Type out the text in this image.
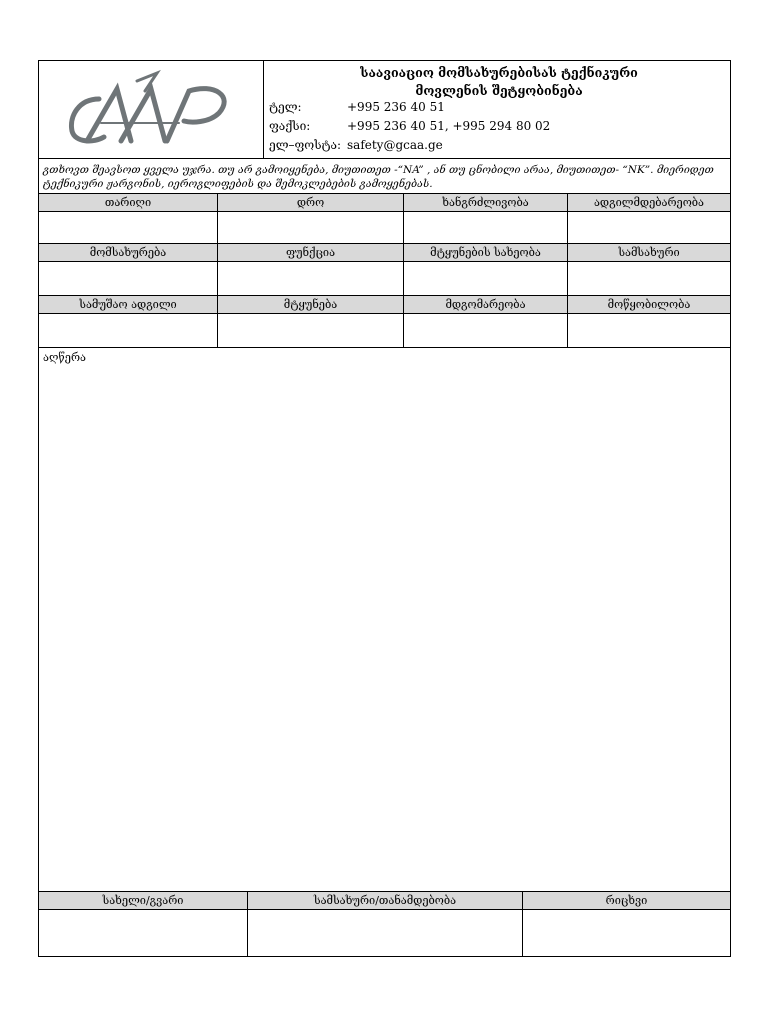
საავიაციო მომსახურებისას ტექნიკური
მოვლენის შეტყობინება
ტელ:	+995 236 40 51
ფაქსი:	+995 236 40 51, +995 294 80 02
ელ–ფოსტა: safety@gcaa.ge
გთხოვთ შეავსოთ ყველა უჯრა. თუ არ გამოიყენება, მიუთითეთ -“NA” , ან თუ ცნობილი არაა, მიუთითეთ- “NK”. მიერიდეთ ტექნიკური ჟარგონის, იეროგლიფების და შემოკლებების გამოყენებას.
თარიღი	დრო	ხანგრძლივობა	ადგილმდებარეობა
მომსახურება	ფუნქცია	მტყუნების სახეობა	სამსახური
სამუშაო ადგილი	მტყუნება	მდგომარეობა	მოწყობილობა
აღწერა
სახელი/გვარი	სამსახური/თანამდებობა	რიცხვი
